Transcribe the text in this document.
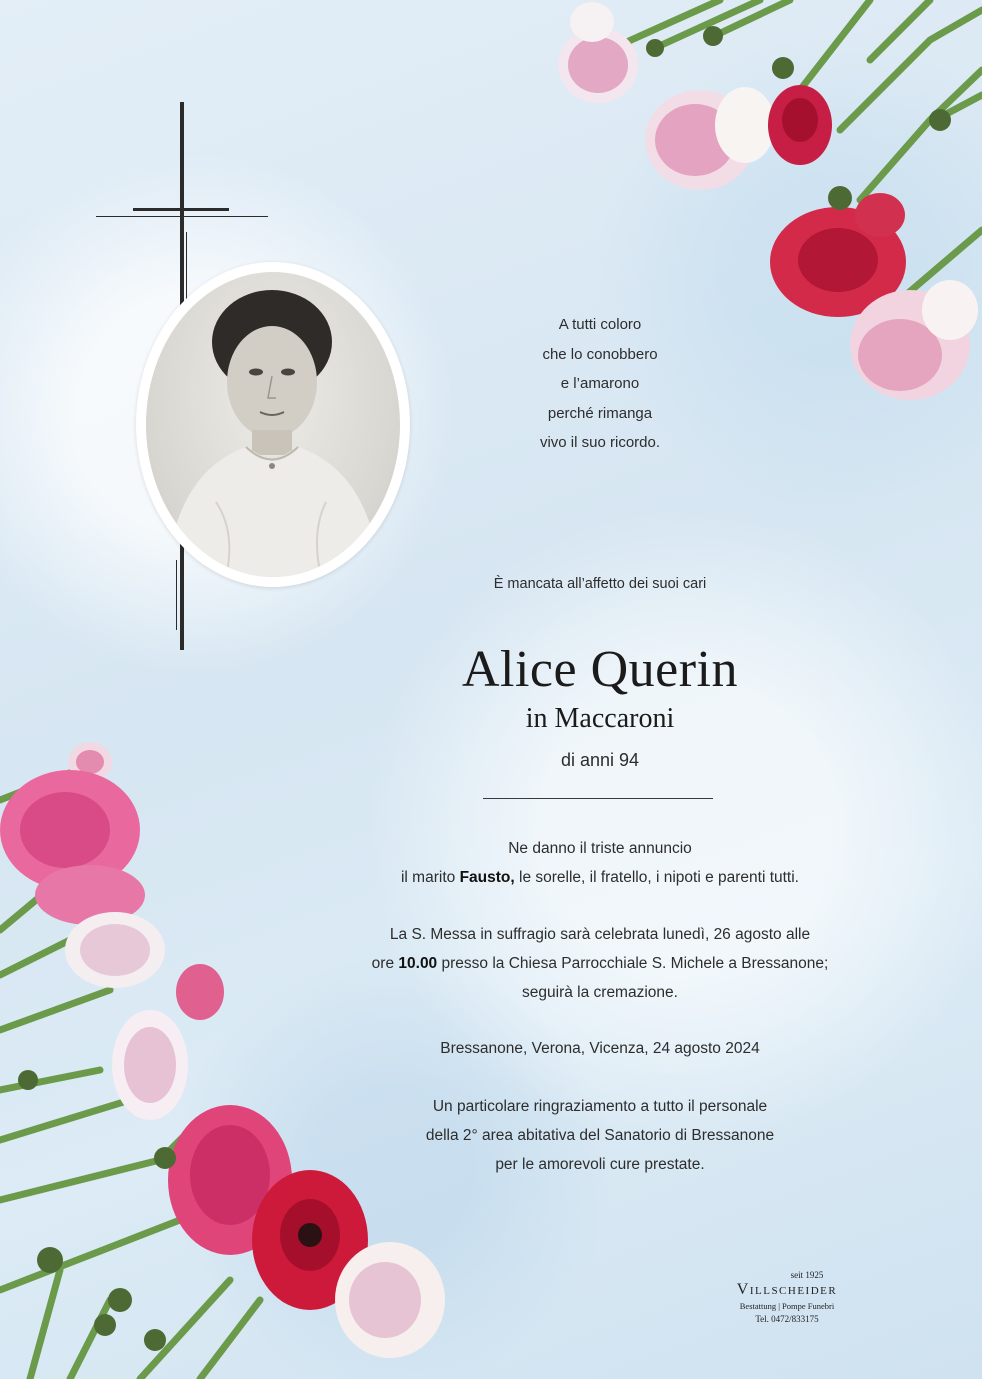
A tutti coloro
che lo conobbero
e l’amarono
perché rimanga
vivo il suo ricordo.
È mancata all’affetto dei suoi cari
Alice Querin
in Maccaroni
di anni 94
Ne danno il triste annuncio
il marito Fausto, le sorelle, il fratello, i nipoti e parenti tutti.
La S. Messa in suffragio sarà celebrata lunedì, 26 agosto alle
ore 10.00 presso la Chiesa Parrocchiale S. Michele a Bressanone;
seguirà la cremazione.
Bressanone, Verona, Vicenza, 24 agosto 2024
Un particolare ringraziamento a tutto il personale
della 2° area abitativa del Sanatorio di Bressanone
per le amorevoli cure prestate.
seit 1925
Villscheider
Bestattung | Pompe Funebri
Tel. 0472/833175
